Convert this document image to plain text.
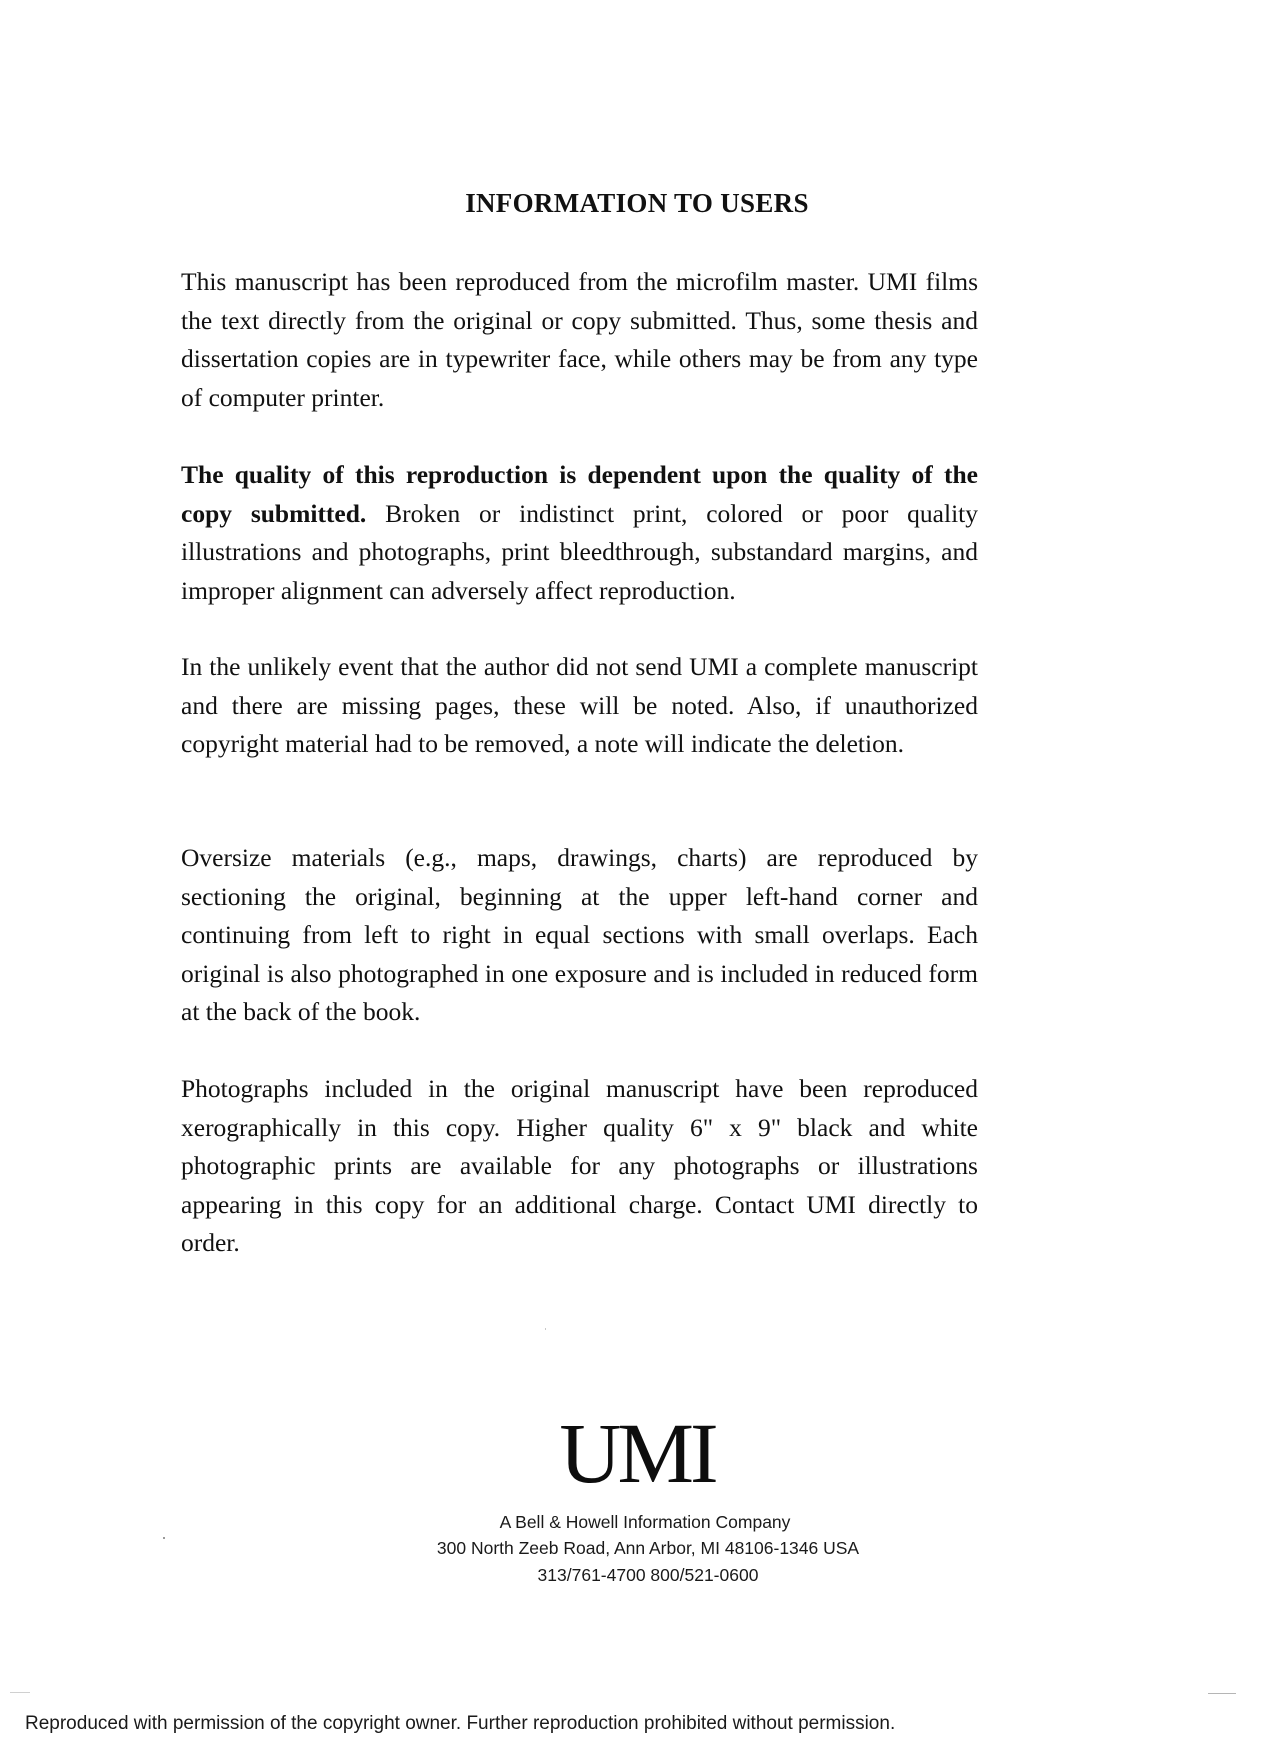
INFORMATION TO USERS

This manuscript has been reproduced from the microfilm master. UMI films the text directly from the original or copy submitted. Thus, some thesis and dissertation copies are in typewriter face, while others may be from any type of computer printer.

The quality of this reproduction is dependent upon the quality of the copy submitted. Broken or indistinct print, colored or poor quality illustrations and photographs, print bleedthrough, substandard margins, and improper alignment can adversely affect reproduction.

In the unlikely event that the author did not send UMI a complete manuscript and there are missing pages, these will be noted. Also, if unauthorized copyright material had to be removed, a note will indicate the deletion.

Oversize materials (e.g., maps, drawings, charts) are reproduced by sectioning the original, beginning at the upper left-hand corner and continuing from left to right in equal sections with small overlaps. Each original is also photographed in one exposure and is included in reduced form at the back of the book.

Photographs included in the original manuscript have been reproduced xerographically in this copy. Higher quality 6" x 9" black and white photographic prints are available for any photographs or illustrations appearing in this copy for an additional charge. Contact UMI directly to order.

UMI
A Bell & Howell Information Company
300 North Zeeb Road, Ann Arbor, MI 48106-1346 USA
313/761-4700 800/521-0600
Reproduced with permission of the copyright owner. Further reproduction prohibited without permission.
